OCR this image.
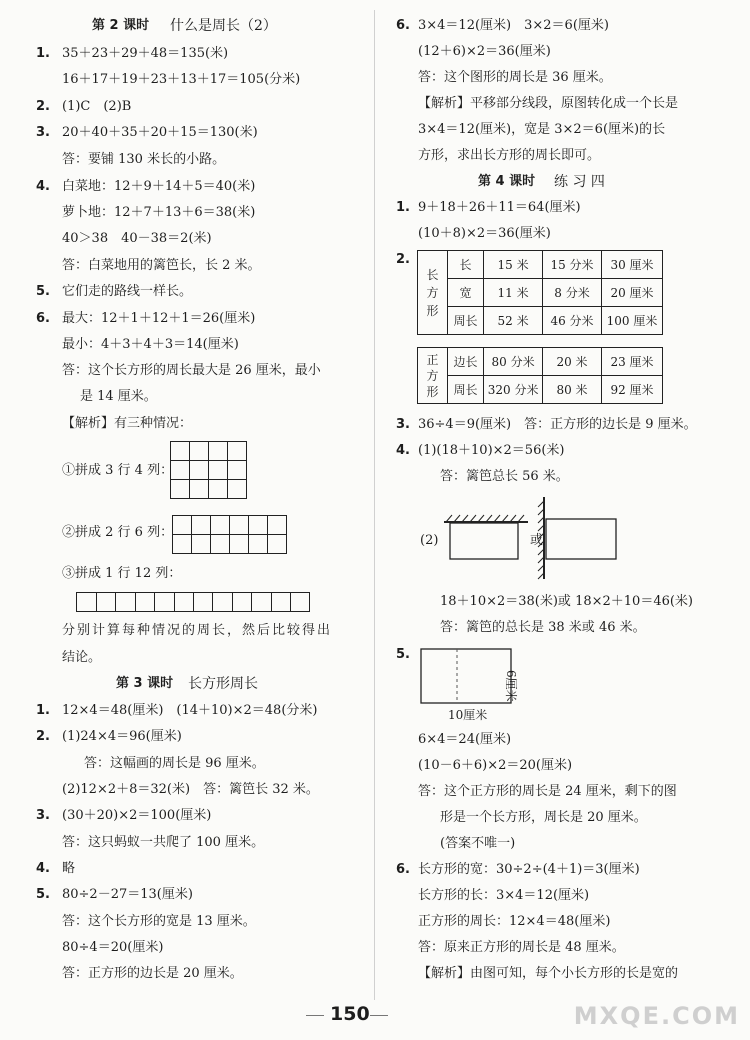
第 2 课时 什么是周长（2）
1. 35＋23＋29＋48＝135(米)
16＋17＋19＋23＋13＋17＝105(分米)
2. (1)C　(2)B
3. 20＋40＋35＋20＋15＝130(米)
答：要铺 130 米长的小路。
4. 白菜地：12＋9＋14＋5＝40(米)
萝卜地：12＋7＋13＋6＝38(米)
40＞38　40－38＝2(米)
答：白菜地用的篱笆长，长 2 米。
5. 它们走的路线一样长。
6. 最大：12＋1＋12＋1＝26(厘米)
最小：4＋3＋4＋3＝14(厘米)
答：这个长方形的周长最大是 26 厘米，最小
是 14 厘米。
【解析】有三种情况：
①拼成 3 行 4 列：
②拼成 2 行 6 列：
③拼成 1 行 12 列：
分别计算每种情况的周长，然后比较得出
结论。
第 3 课时 长方形周长
1. 12×4＝48(厘米)　(14＋10)×2＝48(分米)
2. (1)24×4＝96(厘米)
答：这幅画的周长是 96 厘米。
(2)12×2＋8＝32(米)　答：篱笆长 32 米。
3. (30＋20)×2＝100(厘米)
答：这只蚂蚁一共爬了 100 厘米。
4. 略
5. 80÷2－27＝13(厘米)
答：这个长方形的宽是 13 厘米。
80÷4＝20(厘米)
答：正方形的边长是 20 厘米。
6. 3×4＝12(厘米)　3×2＝6(厘米)
(12＋6)×2＝36(厘米)
答：这个图形的周长是 36 厘米。
【解析】平移部分线段，原图转化成一个长是
3×4＝12(厘米)，宽是 3×2＝6(厘米)的长
方形，求出长方形的周长即可。
第 4 课时 练 习 四
1. 9＋18＋26＋11＝64(厘米)
(10＋8)×2＝36(厘米)
2.
长
方
形	长	15 米	15 分米	30 厘米
	宽	11 米	8 分米	20 厘米
	周长	52 米	46 分米	100 厘米
正
方
形	边长	80 分米	20 米	23 厘米
	周长	320 分米	80 米	92 厘米
3. 36÷4＝9(厘米)　答：正方形的边长是 9 厘米。
4. (1)(18＋10)×2＝56(米)
答：篱笆总长 56 米。
(2)	或
18＋10×2＝38(米)或 18×2＋10＝46(米)
答：篱笆的总长是 38 米或 46 米。
5.
6厘米
10厘米
6×4＝24(厘米)
(10－6＋6)×2＝20(厘米)
答：这个正方形的周长是 24 厘米，剩下的图
形是一个长方形，周长是 20 厘米。
(答案不唯一)
6. 长方形的宽：30÷2÷(4＋1)＝3(厘米)
长方形的长：3×4＝12(厘米)
正方形的周长：12×4＝48(厘米)
答：原来正方形的周长是 48 厘米。
【解析】由图可知，每个小长方形的长是宽的
150	MXQE.COM
